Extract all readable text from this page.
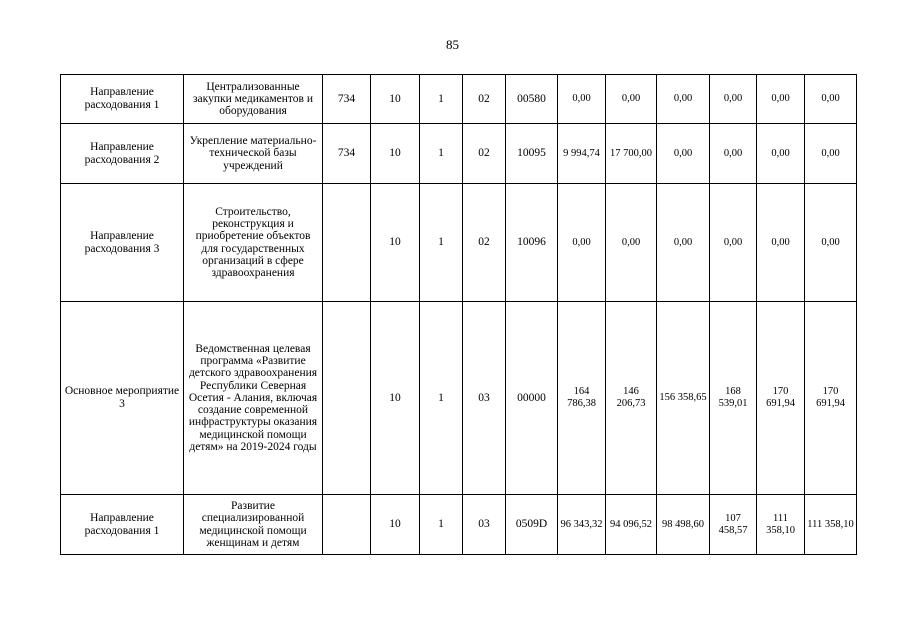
85
Направление расходования 1	Централизованные закупки медикаментов и оборудования	734	10	1	02	00580	0,00	0,00	0,00	0,00	0,00	0,00
Направление расходования 2	Укрепление материально-технической базы учреждений	734	10	1	02	10095	9 994,74	17 700,00	0,00	0,00	0,00	0,00
Направление расходования 3	Строительство, реконструкция и приобретение объектов для государственных организаций в сфере здравоохранения		10	1	02	10096	0,00	0,00	0,00	0,00	0,00	0,00
Основное мероприятие 3	Ведомственная целевая программа «Развитие детского здравоохранения Республики Северная Осетия - Алания, включая создание современной инфраструктуры оказания медицинской помощи детям» на 2019-2024 годы		10	1	03	00000	164 786,38	146 206,73	156 358,65	168 539,01	170 691,94	170 691,94
Направление расходования 1	Развитие специализированной медицинской помощи женщинам и детям		10	1	03	0509D	96 343,32	94 096,52	98 498,60	107 458,57	111 358,10	111 358,10
